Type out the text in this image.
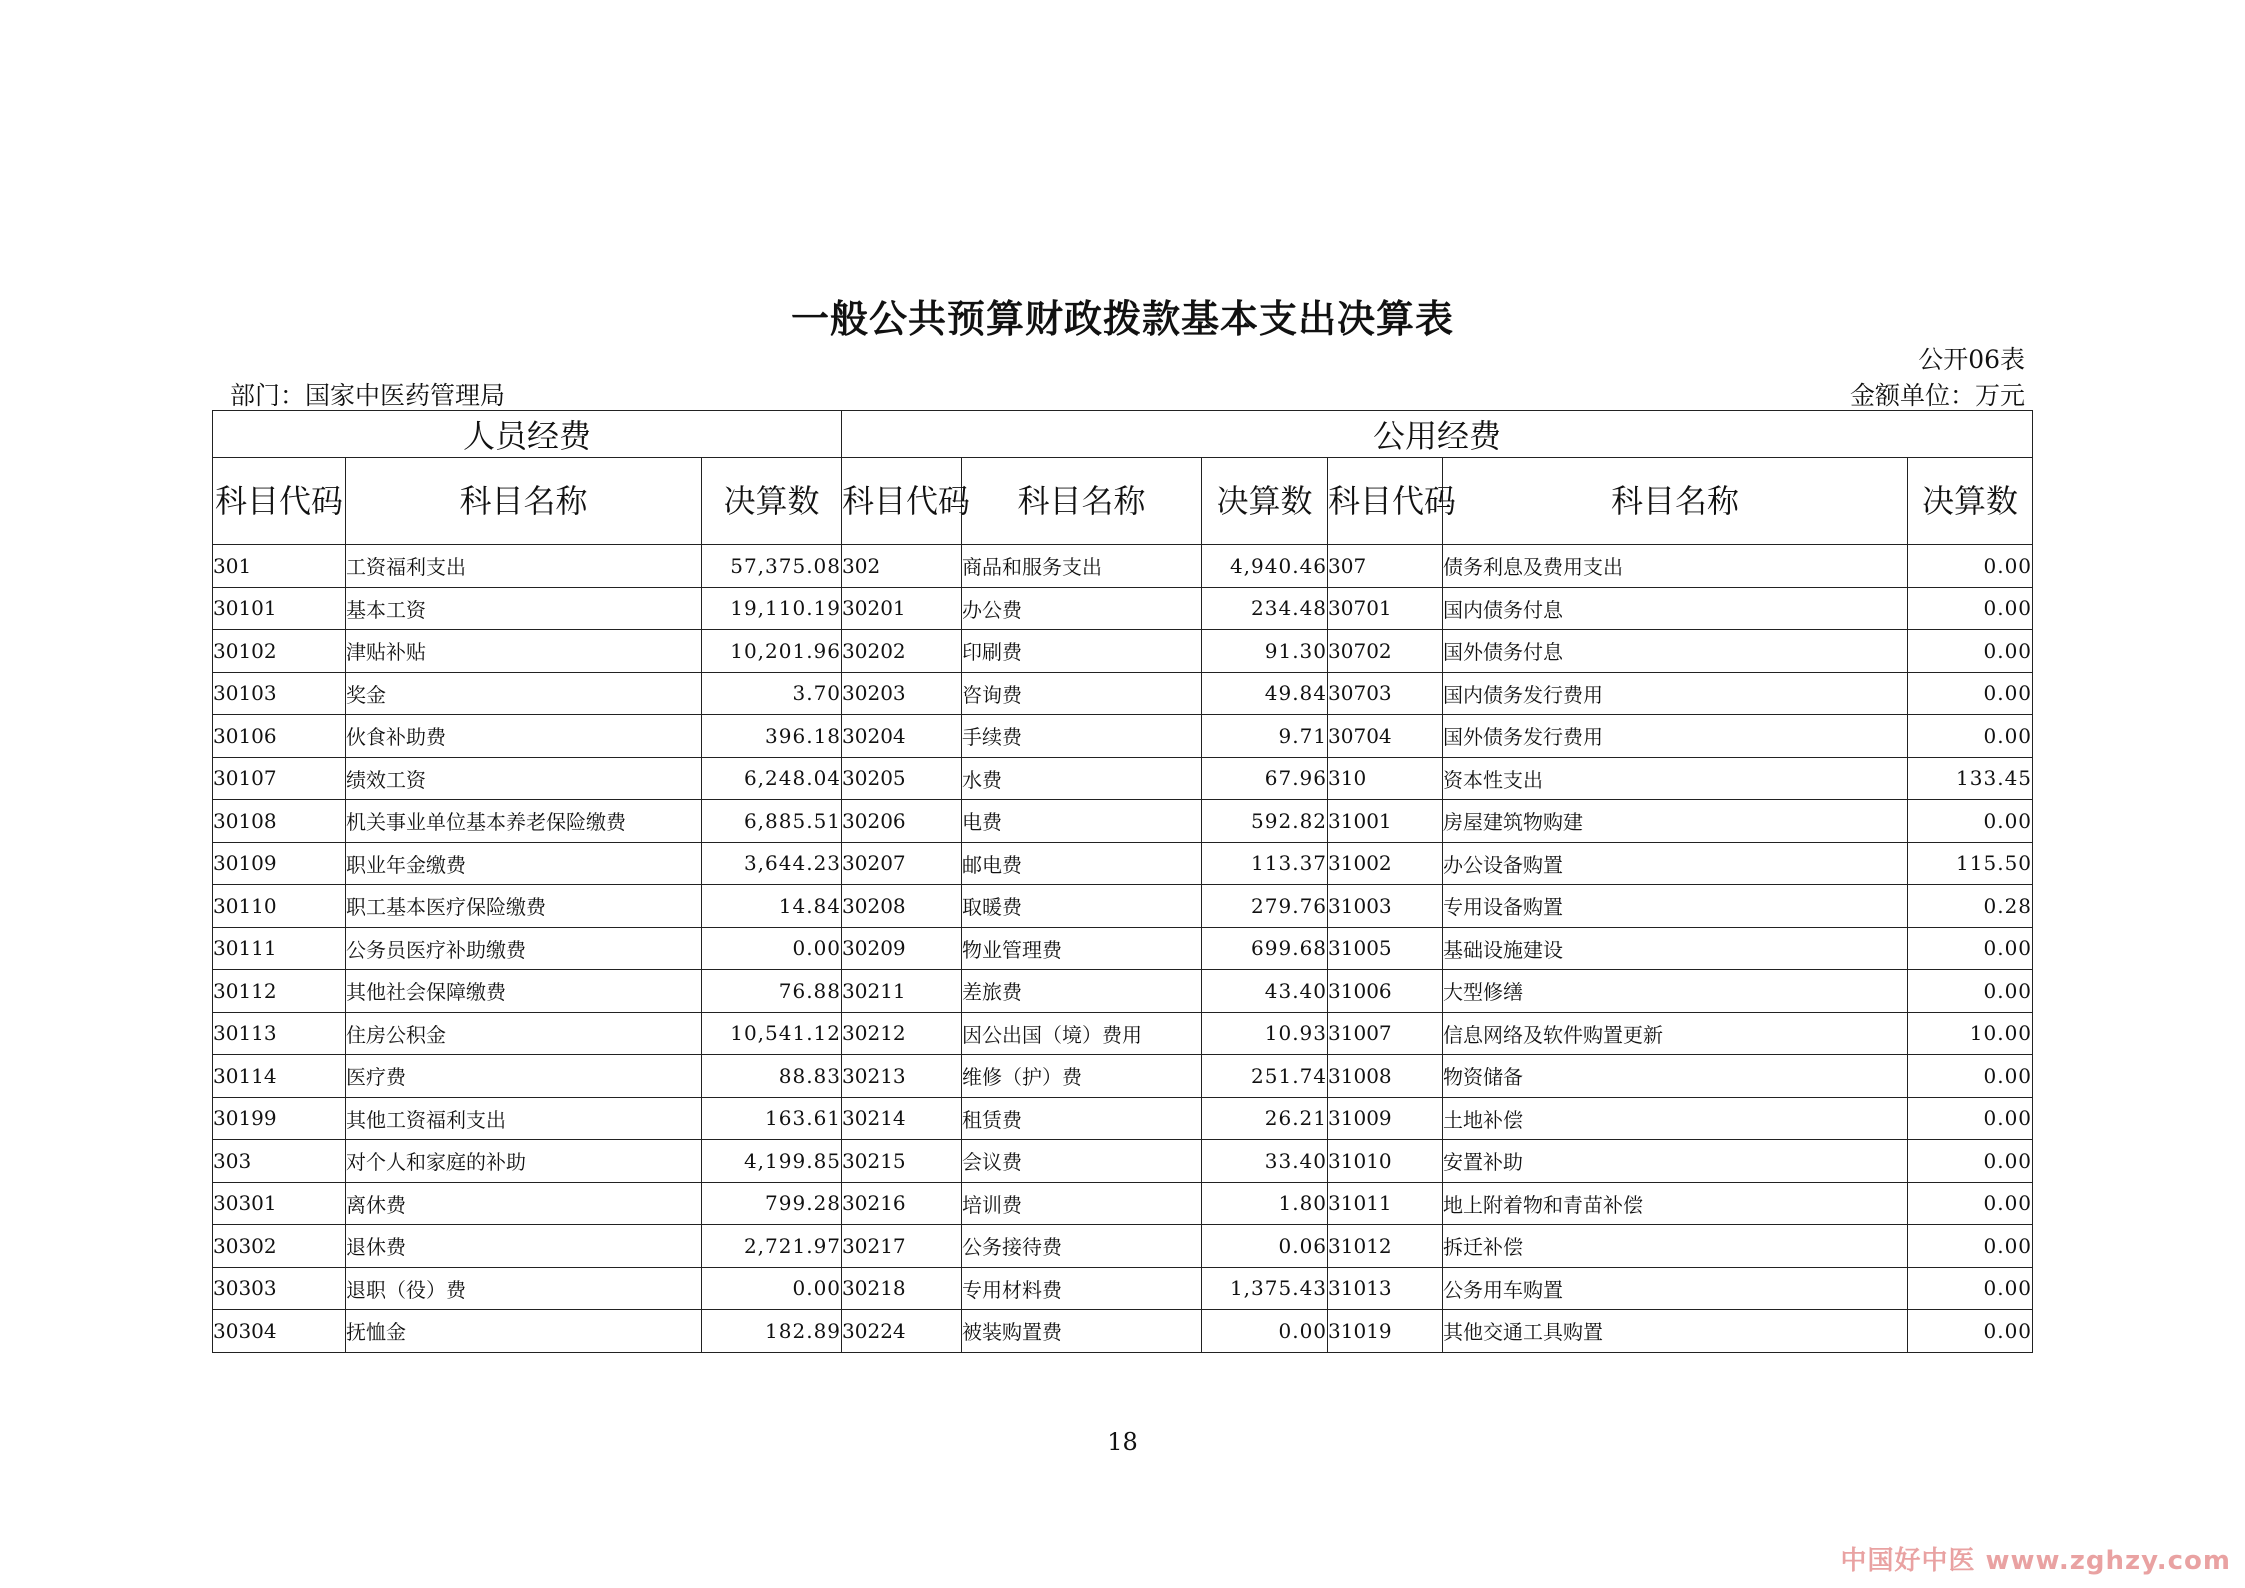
一般公共预算财政拨款基本支出决算表
公开06表
部门：国家中医药管理局	金额单位：万元
人员经费			公用经费					
科目代码	科目名称	决算数	科目代码	科目名称	决算数	科目代码	科目名称	决算数
301	工资福利支出	57,375.08	302	商品和服务支出	4,940.46	307	债务利息及费用支出	0.00
30101	基本工资	19,110.19	30201	办公费	234.48	30701	国内债务付息	0.00
30102	津贴补贴	10,201.96	30202	印刷费	91.30	30702	国外债务付息	0.00
30103	奖金	3.70	30203	咨询费	49.84	30703	国内债务发行费用	0.00
30106	伙食补助费	396.18	30204	手续费	9.71	30704	国外债务发行费用	0.00
30107	绩效工资	6,248.04	30205	水费	67.96	310	资本性支出	133.45
30108	机关事业单位基本养老保险缴费	6,885.51	30206	电费	592.82	31001	房屋建筑物购建	0.00
30109	职业年金缴费	3,644.23	30207	邮电费	113.37	31002	办公设备购置	115.50
30110	职工基本医疗保险缴费	14.84	30208	取暖费	279.76	31003	专用设备购置	0.28
30111	公务员医疗补助缴费	0.00	30209	物业管理费	699.68	31005	基础设施建设	0.00
30112	其他社会保障缴费	76.88	30211	差旅费	43.40	31006	大型修缮	0.00
30113	住房公积金	10,541.12	30212	因公出国（境）费用	10.93	31007	信息网络及软件购置更新	10.00
30114	医疗费	88.83	30213	维修（护）费	251.74	31008	物资储备	0.00
30199	其他工资福利支出	163.61	30214	租赁费	26.21	31009	土地补偿	0.00
303	对个人和家庭的补助	4,199.85	30215	会议费	33.40	31010	安置补助	0.00
30301	离休费	799.28	30216	培训费	1.80	31011	地上附着物和青苗补偿	0.00
30302	退休费	2,721.97	30217	公务接待费	0.06	31012	拆迁补偿	0.00
30303	退职（役）费	0.00	30218	专用材料费	1,375.43	31013	公务用车购置	0.00
30304	抚恤金	182.89	30224	被装购置费	0.00	31019	其他交通工具购置	0.00
18
中国好中医 www.zghzy.com
